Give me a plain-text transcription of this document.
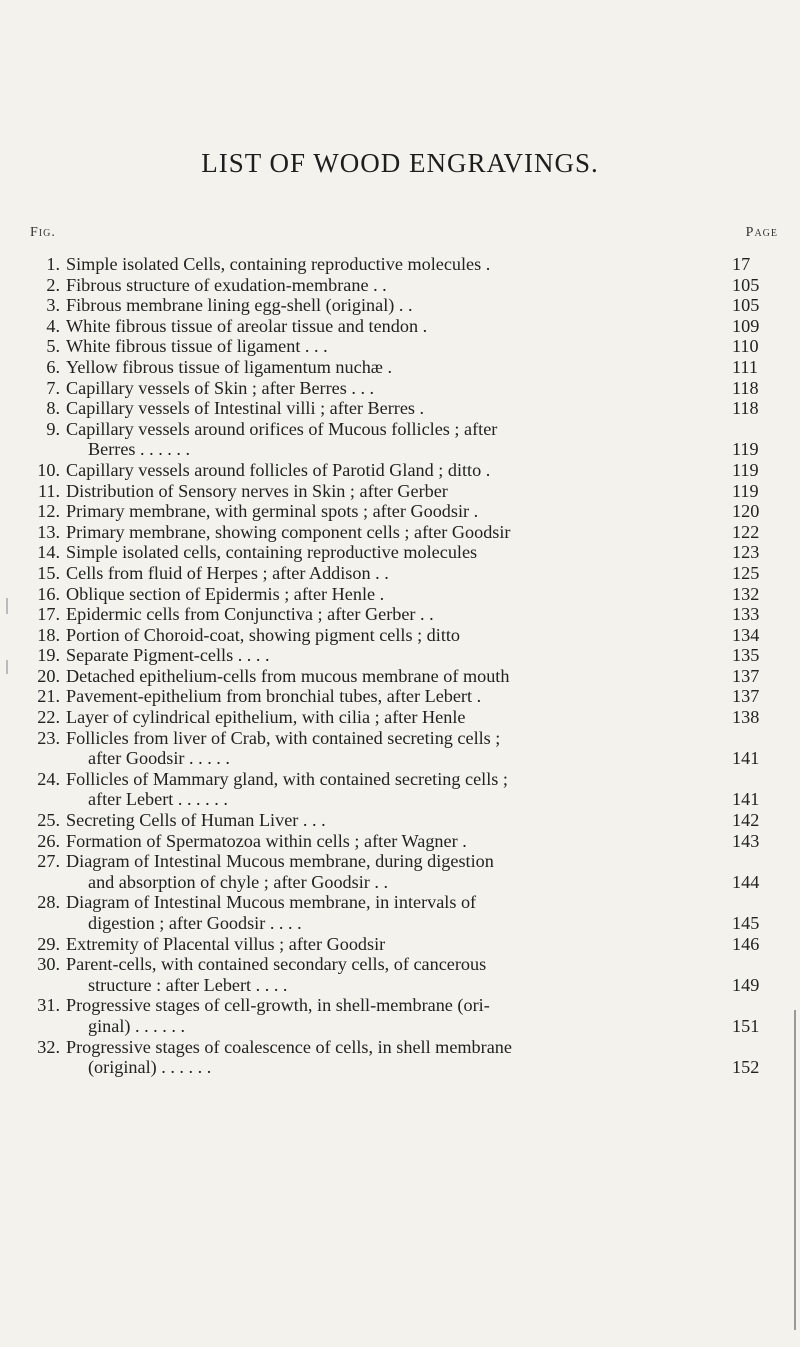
LIST OF WOOD ENGRAVINGS.
Fig.	Page
1. Simple isolated Cells, containing reproductive molecules .	17
2. Fibrous structure of exudation-membrane . .	105
3. Fibrous membrane lining egg-shell (original) . .	105
4. White fibrous tissue of areolar tissue and tendon .	109
5. White fibrous tissue of ligament . . .	110
6. Yellow fibrous tissue of ligamentum nuchæ .	111
7. Capillary vessels of Skin ; after Berres . . .	118
8. Capillary vessels of Intestinal villi ; after Berres .	118
9. Capillary vessels around orifices of Mucous follicles ; after
Berres . . . . . .	119
10. Capillary vessels around follicles of Parotid Gland ; ditto .	119
11. Distribution of Sensory nerves in Skin ; after Gerber	119
12. Primary membrane, with germinal spots ; after Goodsir .	120
13. Primary membrane, showing component cells ; after Goodsir	122
14. Simple isolated cells, containing reproductive molecules	123
15. Cells from fluid of Herpes ; after Addison . .	125
16. Oblique section of Epidermis ; after Henle .	132
17. Epidermic cells from Conjunctiva ; after Gerber . .	133
18. Portion of Choroid-coat, showing pigment cells ; ditto	134
19. Separate Pigment-cells . . . .	135
20. Detached epithelium-cells from mucous membrane of mouth	137
21. Pavement-epithelium from bronchial tubes, after Lebert .	137
22. Layer of cylindrical epithelium, with cilia ; after Henle	138
23. Follicles from liver of Crab, with contained secreting cells ;
after Goodsir . . . . .	141
24. Follicles of Mammary gland, with contained secreting cells ;
after Lebert . . . . . .	141
25. Secreting Cells of Human Liver . . .	142
26. Formation of Spermatozoa within cells ; after Wagner .	143
27. Diagram of Intestinal Mucous membrane, during digestion
and absorption of chyle ; after Goodsir . .	144
28. Diagram of Intestinal Mucous membrane, in intervals of
digestion ; after Goodsir . . . .	145
29. Extremity of Placental villus ; after Goodsir	146
30. Parent-cells, with contained secondary cells, of cancerous
structure : after Lebert . . . .	149
31. Progressive stages of cell-growth, in shell-membrane (ori-
ginal) . . . . . .	151
32. Progressive stages of coalescence of cells, in shell membrane
(original) . . . . . .	152
